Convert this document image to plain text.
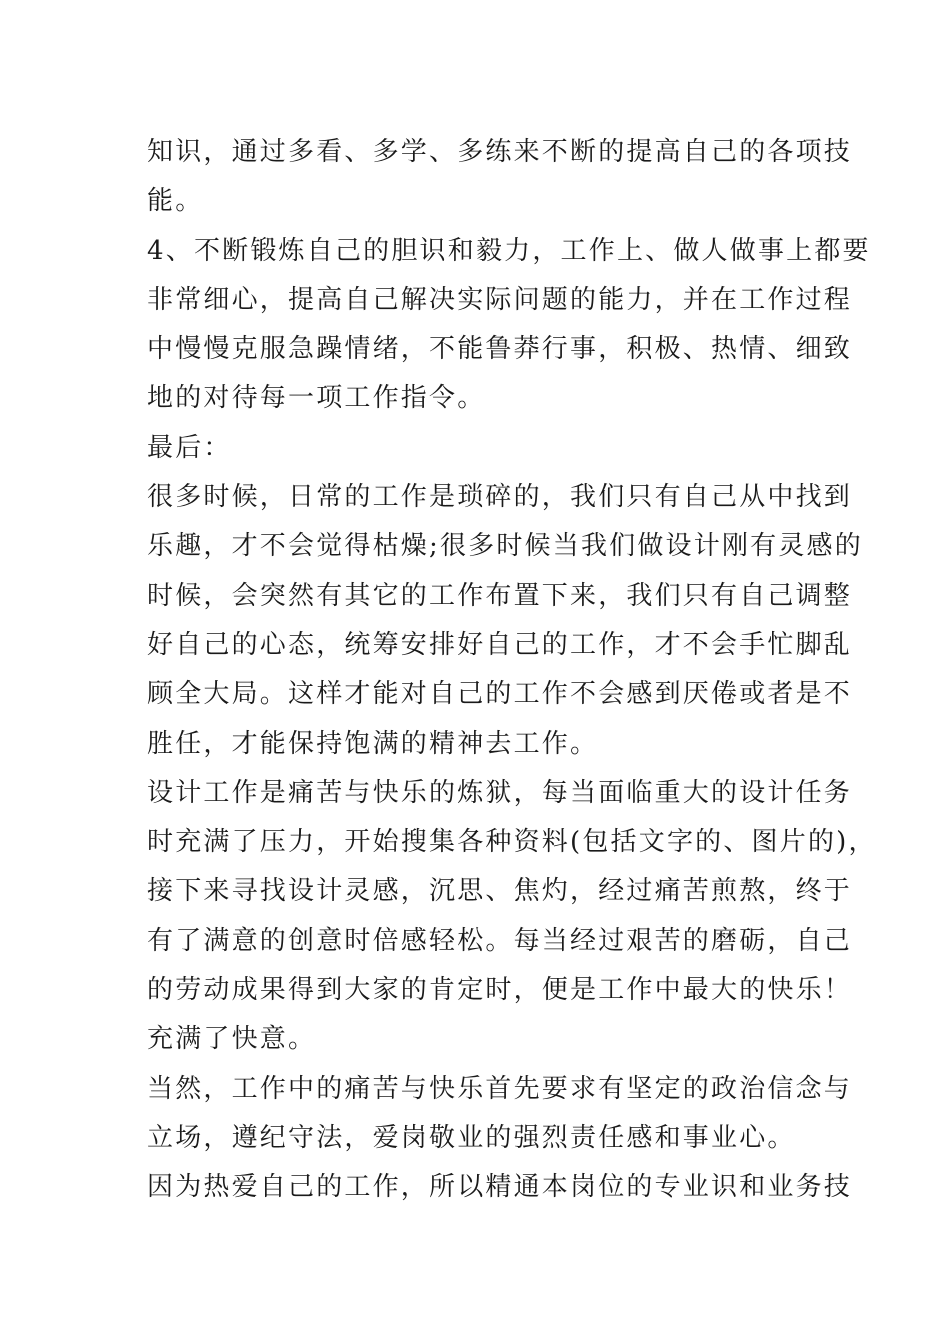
知识，通过多看、多学、多练来不断的提高自己的各项技
能。
4、不断锻炼自己的胆识和毅力，工作上、做人做事上都要
非常细心，提高自己解决实际问题的能力，并在工作过程
中慢慢克服急躁情绪，不能鲁莽行事，积极、热情、细致
地的对待每一项工作指令。
最后：
很多时候，日常的工作是琐碎的，我们只有自己从中找到
乐趣，才不会觉得枯燥;很多时候当我们做设计刚有灵感的
时候，会突然有其它的工作布置下来，我们只有自己调整
好自己的心态，统筹安排好自己的工作，才不会手忙脚乱
顾全大局。这样才能对自己的工作不会感到厌倦或者是不
胜任，才能保持饱满的精神去工作。
设计工作是痛苦与快乐的炼狱，每当面临重大的设计任务
时充满了压力，开始搜集各种资料(包括文字的、图片的)，
接下来寻找设计灵感，沉思、焦灼，经过痛苦煎熬，终于
有了满意的创意时倍感轻松。每当经过艰苦的磨砺，自己
的劳动成果得到大家的肯定时，便是工作中最大的快乐！
充满了快意。
当然，工作中的痛苦与快乐首先要求有坚定的政治信念与
立场，遵纪守法，爱岗敬业的强烈责任感和事业心。
因为热爱自己的工作，所以精通本岗位的专业识和业务技
